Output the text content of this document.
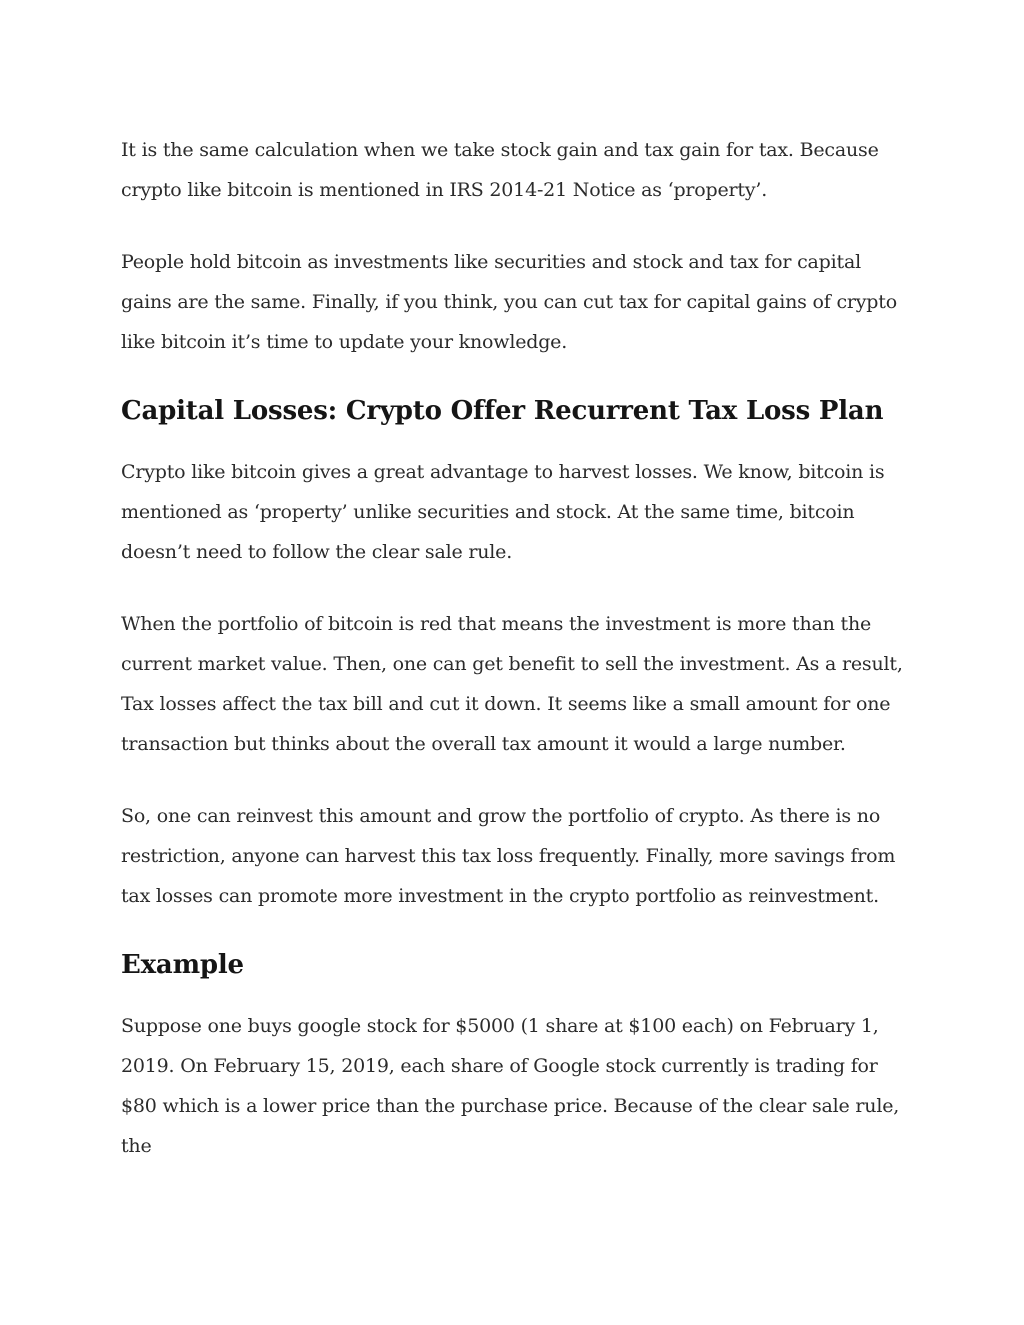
It is the same calculation when we take stock gain and tax gain for tax. Because crypto like bitcoin is mentioned in IRS 2014-21 Notice as ‘property’.

People hold bitcoin as investments like securities and stock and tax for capital gains are the same. Finally, if you think, you can cut tax for capital gains of crypto like bitcoin it’s time to update your knowledge.

Capital Losses: Crypto Offer Recurrent Tax Loss Plan

Crypto like bitcoin gives a great advantage to harvest losses. We know, bitcoin is mentioned as ‘property’ unlike securities and stock. At the same time, bitcoin doesn’t need to follow the clear sale rule.

When the portfolio of bitcoin is red that means the investment is more than the current market value. Then, one can get benefit to sell the investment. As a result, Tax losses affect the tax bill and cut it down. It seems like a small amount for one transaction but thinks about the overall tax amount it would a large number.

So, one can reinvest this amount and grow the portfolio of crypto. As there is no restriction, anyone can harvest this tax loss frequently. Finally, more savings from tax losses can promote more investment in the crypto portfolio as reinvestment.

Example

Suppose one buys google stock for $5000 (1 share at $100 each) on February 1, 2019. On February 15, 2019, each share of Google stock currently is trading for $80 which is a lower price than the purchase price. Because of the clear sale rule, the
